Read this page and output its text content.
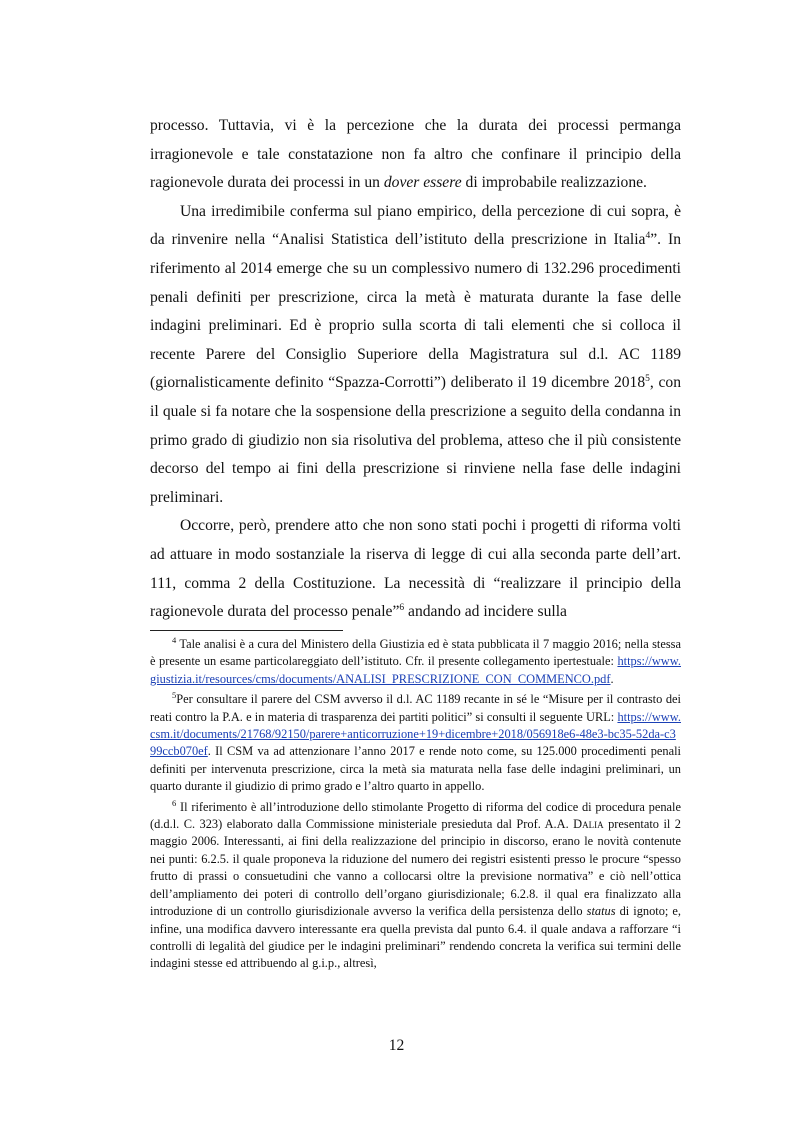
processo. Tuttavia, vi è la percezione che la durata dei processi permanga irragionevole e tale constatazione non fa altro che confinare il principio della ragionevole durata dei processi in un dover essere di improbabile realizzazione.

Una irredimibile conferma sul piano empirico, della percezione di cui sopra, è da rinvenire nella “Analisi Statistica dell’istituto della prescrizione in Italia$^4$”. In riferimento al 2014 emerge che su un complessivo numero di 132.296 procedimenti penali definiti per prescrizione, circa la metà è maturata durante la fase delle indagini preliminari. Ed è proprio sulla scorta di tali elementi che si colloca il recente Parere del Consiglio Superiore della Magistratura sul d.l. AC 1189 (giornalisticamente definito “Spazza-Corrotti”) deliberato il 19 dicembre 2018$^5$, con il quale si fa notare che la sospensione della prescrizione a seguito della condanna in primo grado di giudizio non sia risolutiva del problema, atteso che il più consistente decorso del tempo ai fini della prescrizione si rinviene nella fase delle indagini preliminari.

Occorre, però, prendere atto che non sono stati pochi i progetti di riforma volti ad attuare in modo sostanziale la riserva di legge di cui alla seconda parte dell’art. 111, comma 2 della Costituzione. La necessità di “realizzare il principio della ragionevole durata del processo penale”$^6$ andando ad incidere sulla

$^4$ Tale analisi è a cura del Ministero della Giustizia ed è stata pubblicata il 7 maggio 2016; nella stessa è presente un esame particolareggiato dell’istituto. Cfr. il presente collegamento ipertestuale: https://www.giustizia.it/resources/cms/documents/ANALISI_PRESCRIZIONE_CON_COMMENCO.pdf.

$^5$Per consultare il parere del CSM avverso il d.l. AC 1189 recante in sé le “Misure per il contrasto dei reati contro la P.A. e in materia di trasparenza dei partiti politici” si consulti il seguente URL: https://www.csm.it/documents/21768/92150/parere+anticorruzione+19+dicembre+2018/056918e6-48e3-bc35-52da-c399ccb070ef. Il CSM va ad attenzionare l’anno 2017 e rende noto come, su 125.000 procedimenti penali definiti per intervenuta prescrizione, circa la metà sia maturata nella fase delle indagini preliminari, un quarto durante il giudizio di primo grado e l’altro quarto in appello.

$^6$ Il riferimento è all’introduzione dello stimolante Progetto di riforma del codice di procedura penale (d.d.l. C. 323) elaborato dalla Commissione ministeriale presieduta dal Prof. A.A. Dalia presentato il 2 maggio 2006. Interessanti, ai fini della realizzazione del principio in discorso, erano le novità contenute nei punti: 6.2.5. il quale proponeva la riduzione del numero dei registri esistenti presso le procure “spesso frutto di prassi o consuetudini che vanno a collocarsi oltre la previsione normativa” e ciò nell’ottica dell’ampliamento dei poteri di controllo dell’organo giurisdizionale; 6.2.8. il qual era finalizzato alla introduzione di un controllo giurisdizionale avverso la verifica della persistenza dello status di ignoto; e, infine, una modifica davvero interessante era quella prevista dal punto 6.4. il quale andava a rafforzare “i controlli di legalità del giudice per le indagini preliminari” rendendo concreta la verifica sui termini delle indagini stesse ed attribuendo al g.i.p., altresì,

12
